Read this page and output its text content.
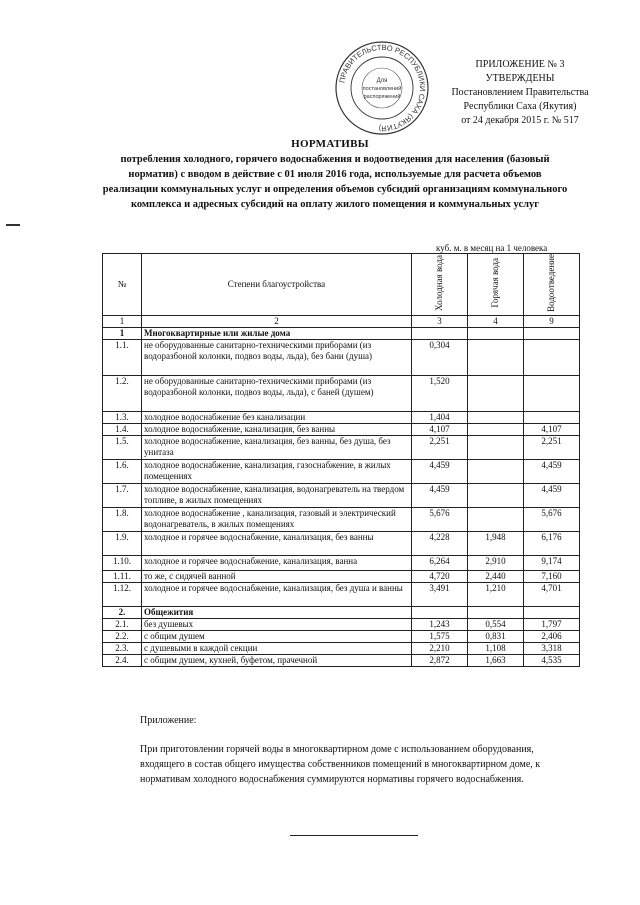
ПРАВИТЕЛЬСТВО РЕСПУБЛИКИ САХА (ЯКУТИЯ)
Для
постановлений
распоряжений
ПРИЛОЖЕНИЕ № 3
УТВЕРЖДЕНЫ
Постановлением Правительства
Республики Саха (Якутия)
от 24 декабря 2015 г. № 517
НОРМАТИВЫ
потребления холодного, горячего водоснабжения и водоотведения для населения (базовый норматив) с вводом в действие с 01 июля 2016 года, используемые для расчета объемов реализации коммунальных услуг и определения объемов субсидий организациям коммунального комплекса и адресных субсидий на оплату жилого помещения и коммунальных услуг
куб. м. в месяц на 1 человека
№	Степени благоустройства	Холодная вода	Горячая вода	Водоотведение
1	2	3	4	9
1	Многоквартирные или жилые дома			
1.1.	не оборудованные санитарно-техническими приборами (из водоразбоной колонки, подвоз воды, льда), без бани (душа)	0,304		
1.2.	не оборудованные санитарно-техническими приборами (из водоразбоной колонки, подвоз воды, льда), с баней (душем)	1,520		
1.3.	холодное водоснабжение без канализации	1,404		
1.4.	холодное водоснабжение, канализация, без ванны	4,107		4,107
1.5.	холодное водоснабжение, канализация, без ванны, без душа, без унитаза	2,251		2,251
1.6.	холодное водоснабжение, канализация, газоснабжение, в жилых помещениях	4,459		4,459
1.7.	холодное водоснабжение, канализация, водонагреватель на твердом топливе, в жилых помещениях	4,459		4,459
1.8.	холодное водоснабжение , канализация, газовый и электрический водонагреватель, в жилых помещениях	5,676		5,676
1.9.	холодное и горячее водоснабжение, канализация, без ванны	4,228	1,948	6,176
1.10.	холодное и горячее водоснабжение, канализация, ванна	6,264	2,910	9,174
1.11.	то же, с сидячей ванной	4,720	2,440	7,160
1.12.	холодное и горячее водоснабжение, канализация, без душа и ванны	3,491	1,210	4,701
2.	Общежития			
2.1.	без душевых	1,243	0,554	1,797
2.2.	с общим душем	1,575	0,831	2,406
2.3.	с душевыми в каждой секции	2,210	1,108	3,318
2.4.	с общим душем, кухней, буфетом, прачечной	2,872	1,663	4,535
Приложение:
При приготовлении горячей воды в многоквартирном доме с использованием оборудования, входящего в состав общего имущества собственников помещений в многоквартирном доме, к нормативам холодного водоснабжения суммируются нормативы горячего водоснабжения.
